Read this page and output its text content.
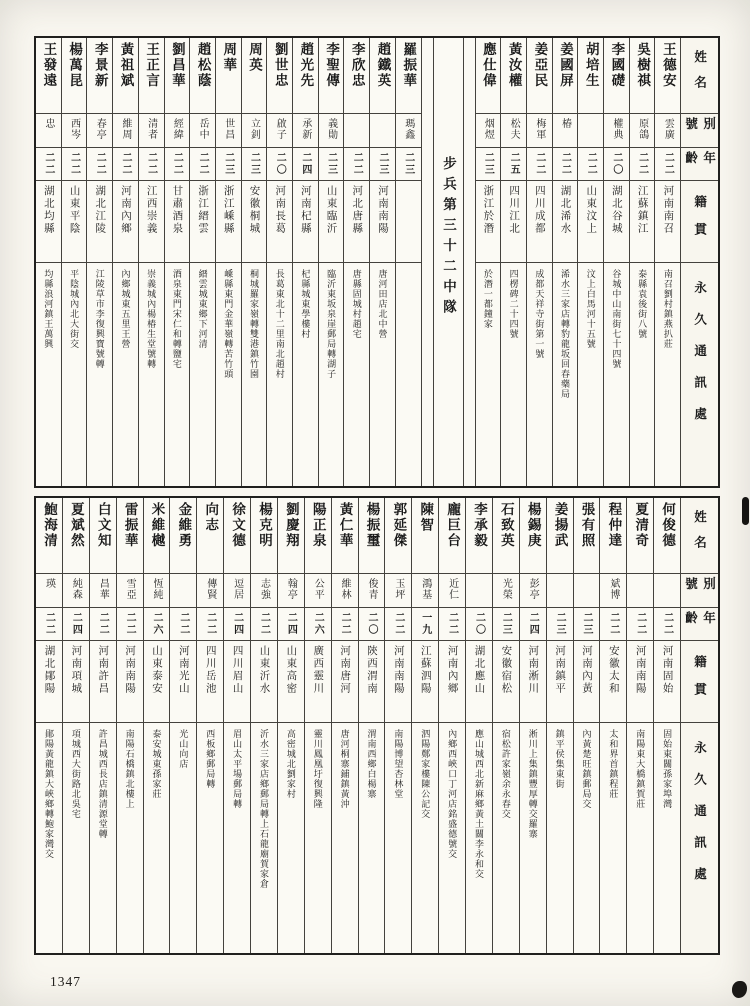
王發遠
忠
二二
湖北均縣
均縣浪河鎮王萬興
楊萬昆
西岑
二二
山東平陰
平陰城內北大街交
李景新
春亭
二二
湖北江陵
江陵草市李復興寶號轉
黃祖斌
維周
二二
河南內鄉
內鄉城東五里王營
王正言
清者
二二
江西崇義
崇義城內楊椿生堂號轉
劉昌華
經緯
二二
甘肅酒泉
酒泉東門宋仁和轉鹽宅
趙松蔭
岳中
二二
浙江縉雲
縉雲城東鄉下河清
周華
世昌
二三
浙江嵊縣
嵊縣東門金華嶺轉苦竹頭
周英
立釗
二三
安徽桐城
桐城羅家嶺轉雙港鎮竹園
劉世忠
啟子
二〇
河南長葛
長葛東北十二里南北趙村
趙光先
承新
二四
河南杞縣
杞縣城東學樓村
李聖傳
義勛
二三
山東臨沂
臨沂東坂泉崖郵局轉湖子
李欣忠
二二
河北唐縣
唐縣固城村趙宅
趙鐵英
二三
河南南陽
唐河田店北中營
羅振華
瑪鑫
二三	步兵第三十二中隊
應仕偉
烟煜
二三
浙江於潛
於潛一都鐘家
黃汝權
松夫
二五
四川江北
四楞碑二十四號
姜亞民
梅軍
二二
四川成都
成都天祥寺街第一號
姜國屏
椿
二二
湖北浠水
浠水三家店轉豹龍坂回春藥局
胡培生
二二
山東汶上
汶上白馬河十五號
李國礎
權典
二〇
湖北谷城
谷城中山南街七十四號
吳樹祺
原鴿
二二
江蘇鎮江
泰縣袁後街八號
王德安
雲廣
二二
河南南召
南召劉村鎮燕扒莊
姓名
別號
年齡
籍貫
永久通訊處
鮑海清
瑛
二二
湖北鄖陽
鄖陽黃龍鎮大峽鄉轉鮑家灣交
夏斌然
純森
二四
河南項城
項城西大街路北吳宅
白文知
昌華
二二
河南許昌
許昌城西長店鎮清源堂轉
雷振華
雪亞
二二
河南南陽
南陽石橋鎮北樓上
米維樾
恆純
二六
山東泰安
泰安城東孫家莊
金維勇
二二
河南光山
光山向店
向志
傳賢
二二
四川岳池
西板鄉郵局轉
徐文德
逗居
二四
四川眉山
眉山太平場郵局轉
楊克明
志強
二二
山東沂水
沂水三家店鄉郵局轉上石龍廟賀家倉
劉慶翔
翰亭
二四
山東高密
高密城北劉家村
陽正泉
公平
二六
廣西靈川
靈川鳳凰圩復興隆
黃仁華
維林
二二
河南唐河
唐河桐寨鋪鎮黃沖
楊振璽
俊青
二〇
陝西渭南
渭南西鄉白楊寨
郭延傑
玉坪
二二
河南南陽
南陽博望杏林堂
陳智
鴻基
一九
江蘇泗陽
泗陽鄭家樓陳公記交
龐巨台
近仁
二二
河南內鄉
內鄉西峽口丁河店銘盛德號交
李承毅
二〇
湖北應山
應山城西北新麻鄉黃土關李永和交
石致英
光榮
二三
安徽宿松
宿松許家嶺余永春交
楊錫庚
彭亭
二四
河南淅川
淅川上集鎮豐厚轉交羅寨
姜揚武
二三
河南鎮平
鎮平侯集東街
張有照
二三
河南內黃
內黃楚旺鎮郵局交
程仲達
斌博
二二
安徽太和
太和界首鎮程莊
夏清奇
二二
河南南陽
南陽東大橋鎮賀莊
何俊德
二二
河南固始
固始東關孫家埠灣
姓名
別號
年齡
籍貫
永久通訊處
1347
